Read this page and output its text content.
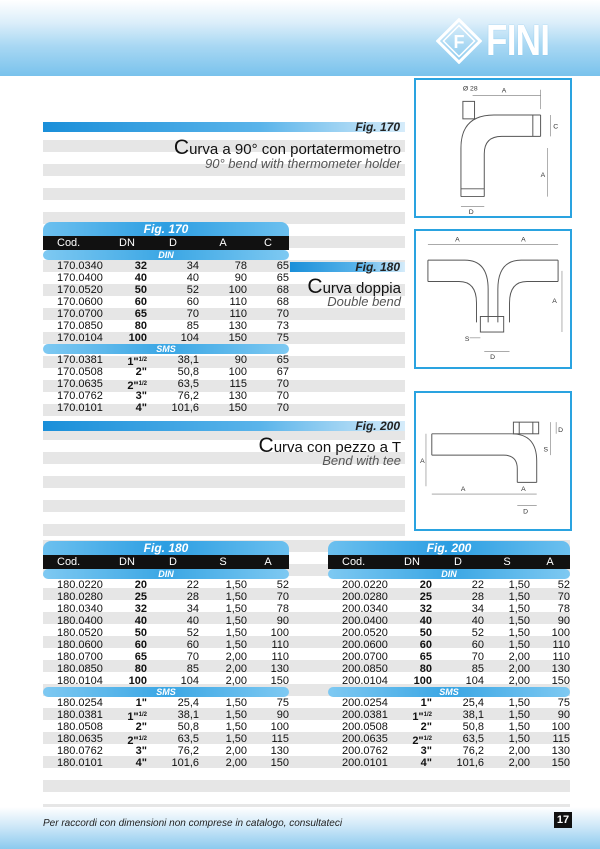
F FINI
Fig. 170
Curva a 90° con portatermometro
90° bend with thermometer holder
Ø 28	A
C
A
D
Fig. 170
Cod.	DN	D	A	C
DIN
170.0340	32	34	78	65
170.0400	40	40	90	65
170.0520	50	52	100	68
170.0600	60	60	110	68
170.0700	65	70	110	70
170.0850	80	85	130	73
170.0104	100	104	150	75
SMS
170.0381	1"$^{1/2}$	38,1	90	65
170.0508	2"	50,8	100	67
170.0635	2"$^{1/2}$	63,5	115	70
170.0762	3"	76,2	130	70
170.0101	4"	101,6	150	70
Fig. 180
Curva doppia
Double bend
A	A
A
S
D
Fig. 200
Curva con pezzo a T
Bend with tee	A
A	A
D
S
D
Fig. 180
Cod.	DN	D	S	A
DIN
180.0220	20	22	1,50	52
180.0280	25	28	1,50	70
180.0340	32	34	1,50	78
180.0400	40	40	1,50	90
180.0520	50	52	1,50	100
180.0600	60	60	1,50	110
180.0700	65	70	2,00	110
180.0850	80	85	2,00	130
180.0104	100	104	2,00	150
SMS
180.0254	1"	25,4	1,50	75
180.0381	1"$^{1/2}$	38,1	1,50	90
180.0508	2"	50,8	1,50	100
180.0635	2"$^{1/2}$	63,5	1,50	115
180.0762	3"	76,2	2,00	130
180.0101	4"	101,6	2,00	150
Fig. 200
Cod.	DN	D	S	A
DIN
200.0220	20	22	1,50	52
200.0280	25	28	1,50	70
200.0340	32	34	1,50	78
200.0400	40	40	1,50	90
200.0520	50	52	1,50	100
200.0600	60	60	1,50	110
200.0700	65	70	2,00	110
200.0850	80	85	2,00	130
200.0104	100	104	2,00	150
SMS
200.0254	1"	25,4	1,50	75
200.0381	1"$^{1/2}$	38,1	1,50	90
200.0508	2"	50,8	1,50	100
200.0635	2"$^{1/2}$	63,5	1,50	115
200.0762	3"	76,2	2,00	130
200.0101	4"	101,6	2,00	150
Per raccordi con dimensioni non comprese in catalogo, consultateci	17
